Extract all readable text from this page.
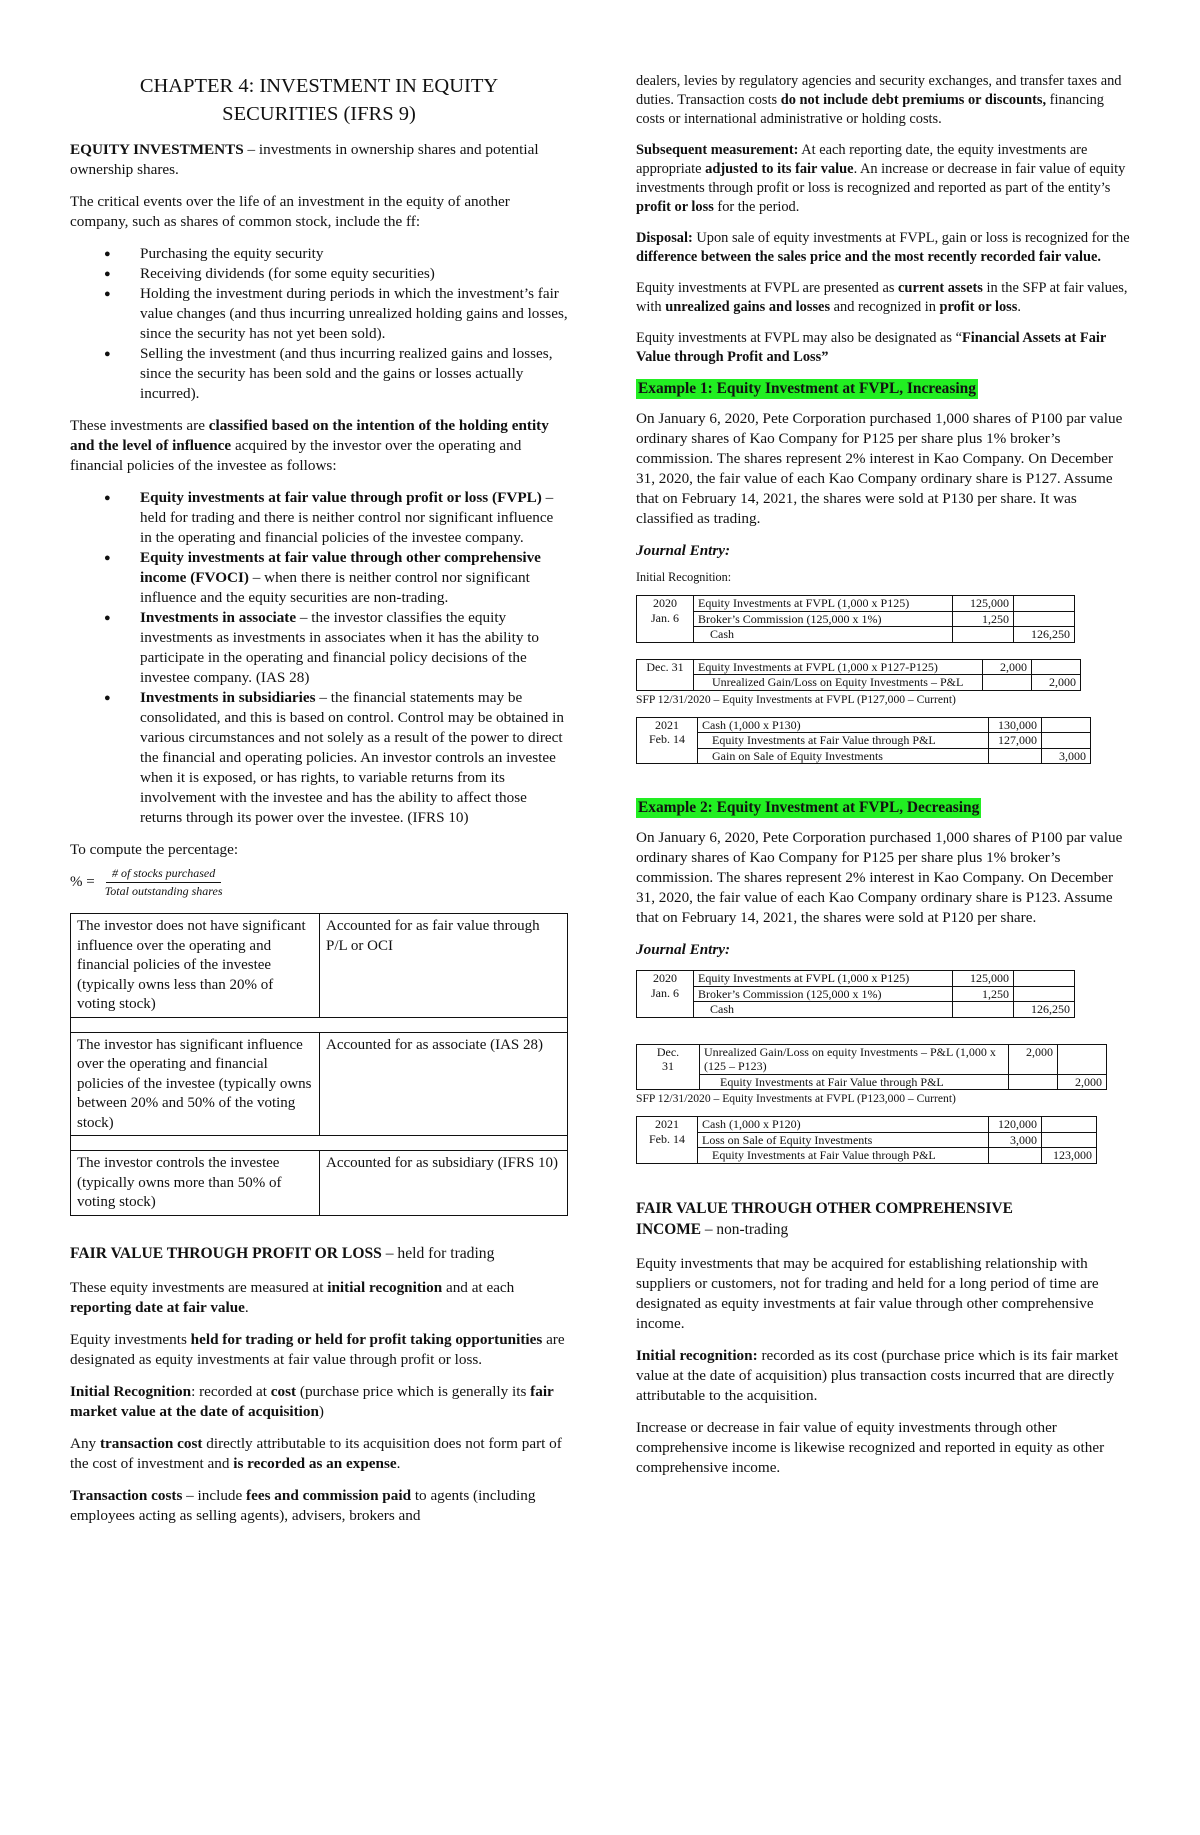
CHAPTER 4: INVESTMENT IN EQUITY
SECURITIES (IFRS 9)

EQUITY INVESTMENTS – investments in ownership shares and potential ownership shares.

The critical events over the life of an investment in the equity of another company, such as shares of common stock, include the ff:

● Purchasing the equity security
● Receiving dividends (for some equity securities)
● Holding the investment during periods in which the investment’s fair value changes (and thus incurring unrealized holding gains and losses, since the security has not yet been sold).
● Selling the investment (and thus incurring realized gains and losses, since the security has been sold and the gains or losses actually incurred).

These investments are classified based on the intention of the holding entity and the level of influence acquired by the investor over the operating and financial policies of the investee as follows:

● Equity investments at fair value through profit or loss (FVPL) – held for trading and there is neither control nor significant influence in the operating and financial policies of the investee company.
● Equity investments at fair value through other comprehensive income (FVOCI) – when there is neither control nor significant influence and the equity securities are non-trading.
● Investments in associate – the investor classifies the equity investments as investments in associates when it has the ability to participate in the operating and financial policy decisions of the investee company. (IAS 28)
● Investments in subsidiaries – the financial statements may be consolidated, and this is based on control. Control may be obtained in various circumstances and not solely as a result of the power to direct the financial and operating policies. An investor controls an investee when it is exposed, or has rights, to variable returns from its involvement with the investee and has the ability to affect those returns through its power over the investee. (IFRS 10)

To compute the percentage:

% = $\frac{\text{\# of stocks purchased}}{\text{Total outstanding shares}}$
The investor does not have significant influence over the operating and financial policies of the investee (typically owns less than 20% of voting stock)	Accounted for as fair value through P/L or OCI

The investor has significant influence over the operating and financial policies of the investee (typically owns between 20% and 50% of the voting stock)	Accounted for as associate (IAS 28)

The investor controls the investee (typically owns more than 50% of voting stock)	Accounted for as subsidiary (IFRS 10)

FAIR VALUE THROUGH PROFIT OR LOSS – held for trading

These equity investments are measured at initial recognition and at each reporting date at fair value.

Equity investments held for trading or held for profit taking opportunities are designated as equity investments at fair value through profit or loss.

Initial Recognition: recorded at cost (purchase price which is generally its fair market value at the date of acquisition)

Any transaction cost directly attributable to its acquisition does not form part of the cost of investment and is recorded as an expense.

Transaction costs – include fees and commission paid to agents (including employees acting as selling agents), advisers, brokers and

dealers, levies by regulatory agencies and security exchanges, and transfer taxes and duties. Transaction costs do not include debt premiums or discounts, financing costs or international administrative or holding costs.

Subsequent measurement: At each reporting date, the equity investments are appropriate adjusted to its fair value. An increase or decrease in fair value of equity investments through profit or loss is recognized and reported as part of the entity’s profit or loss for the period.

Disposal: Upon sale of equity investments at FVPL, gain or loss is recognized for the difference between the sales price and the most recently recorded fair value.

Equity investments at FVPL are presented as current assets in the SFP at fair values, with unrealized gains and losses and recognized in profit or loss.

Equity investments at FVPL may also be designated as “Financial Assets at Fair Value through Profit and Loss”

Example 1: Equity Investment at FVPL, Increasing

On January 6, 2020, Pete Corporation purchased 1,000 shares of P100 par value ordinary shares of Kao Company for P125 per share plus 1% broker’s commission. The shares represent 2% interest in Kao Company. On December 31, 2020, the fair value of each Kao Company ordinary share is P127. Assume that on February 14, 2021, the shares were sold at P130 per share. It was classified as trading.

Journal Entry:

Initial Recognition:

2020
Jan. 6	Equity Investments at FVPL (1,000 x P125)	125,000	
	Broker’s Commission (125,000 x 1%)	1,250	
	Cash		126,250
Dec. 31	Equity Investments at FVPL (1,000 x P127-P125)	2,000	
	Unrealized Gain/Loss on Equity Investments – P&L		2,000

SFP 12/31/2020 – Equity Investments at FVPL (P127,000 – Current)

2021
Feb. 14	Cash (1,000 x P130)	130,000	
	Equity Investments at Fair Value through P&L	127,000	
	Gain on Sale of Equity Investments		3,000
Example 2: Equity Investment at FVPL, Decreasing

On January 6, 2020, Pete Corporation purchased 1,000 shares of P100 par value ordinary shares of Kao Company for P125 per share plus 1% broker’s commission. The shares represent 2% interest in Kao Company. On December 31, 2020, the fair value of each Kao Company ordinary share is P123. Assume that on February 14, 2021, the shares were sold at P120 per share.

Journal Entry:

2020
Jan. 6	Equity Investments at FVPL (1,000 x P125)	125,000	
	Broker’s Commission (125,000 x 1%)	1,250	
	Cash		126,250
Dec.
31	Unrealized Gain/Loss on equity Investments – P&L (1,000 x (125 – P123)	2,000	
	Equity Investments at Fair Value through P&L		2,000

SFP 12/31/2020 – Equity Investments at FVPL (P123,000 – Current)

2021
Feb. 14	Cash (1,000 x P120)	120,000	
	Loss on Sale of Equity Investments	3,000	
	Equity Investments at Fair Value through P&L		123,000

FAIR VALUE THROUGH OTHER COMPREHENSIVE
INCOME – non-trading

Equity investments that may be acquired for establishing relationship with suppliers or customers, not for trading and held for a long period of time are designated as equity investments at fair value through other comprehensive income.

Initial recognition: recorded as its cost (purchase price which is its fair market value at the date of acquisition) plus transaction costs incurred that are directly attributable to the acquisition.

Increase or decrease in fair value of equity investments through other comprehensive income is likewise recognized and reported in equity as other comprehensive income.
